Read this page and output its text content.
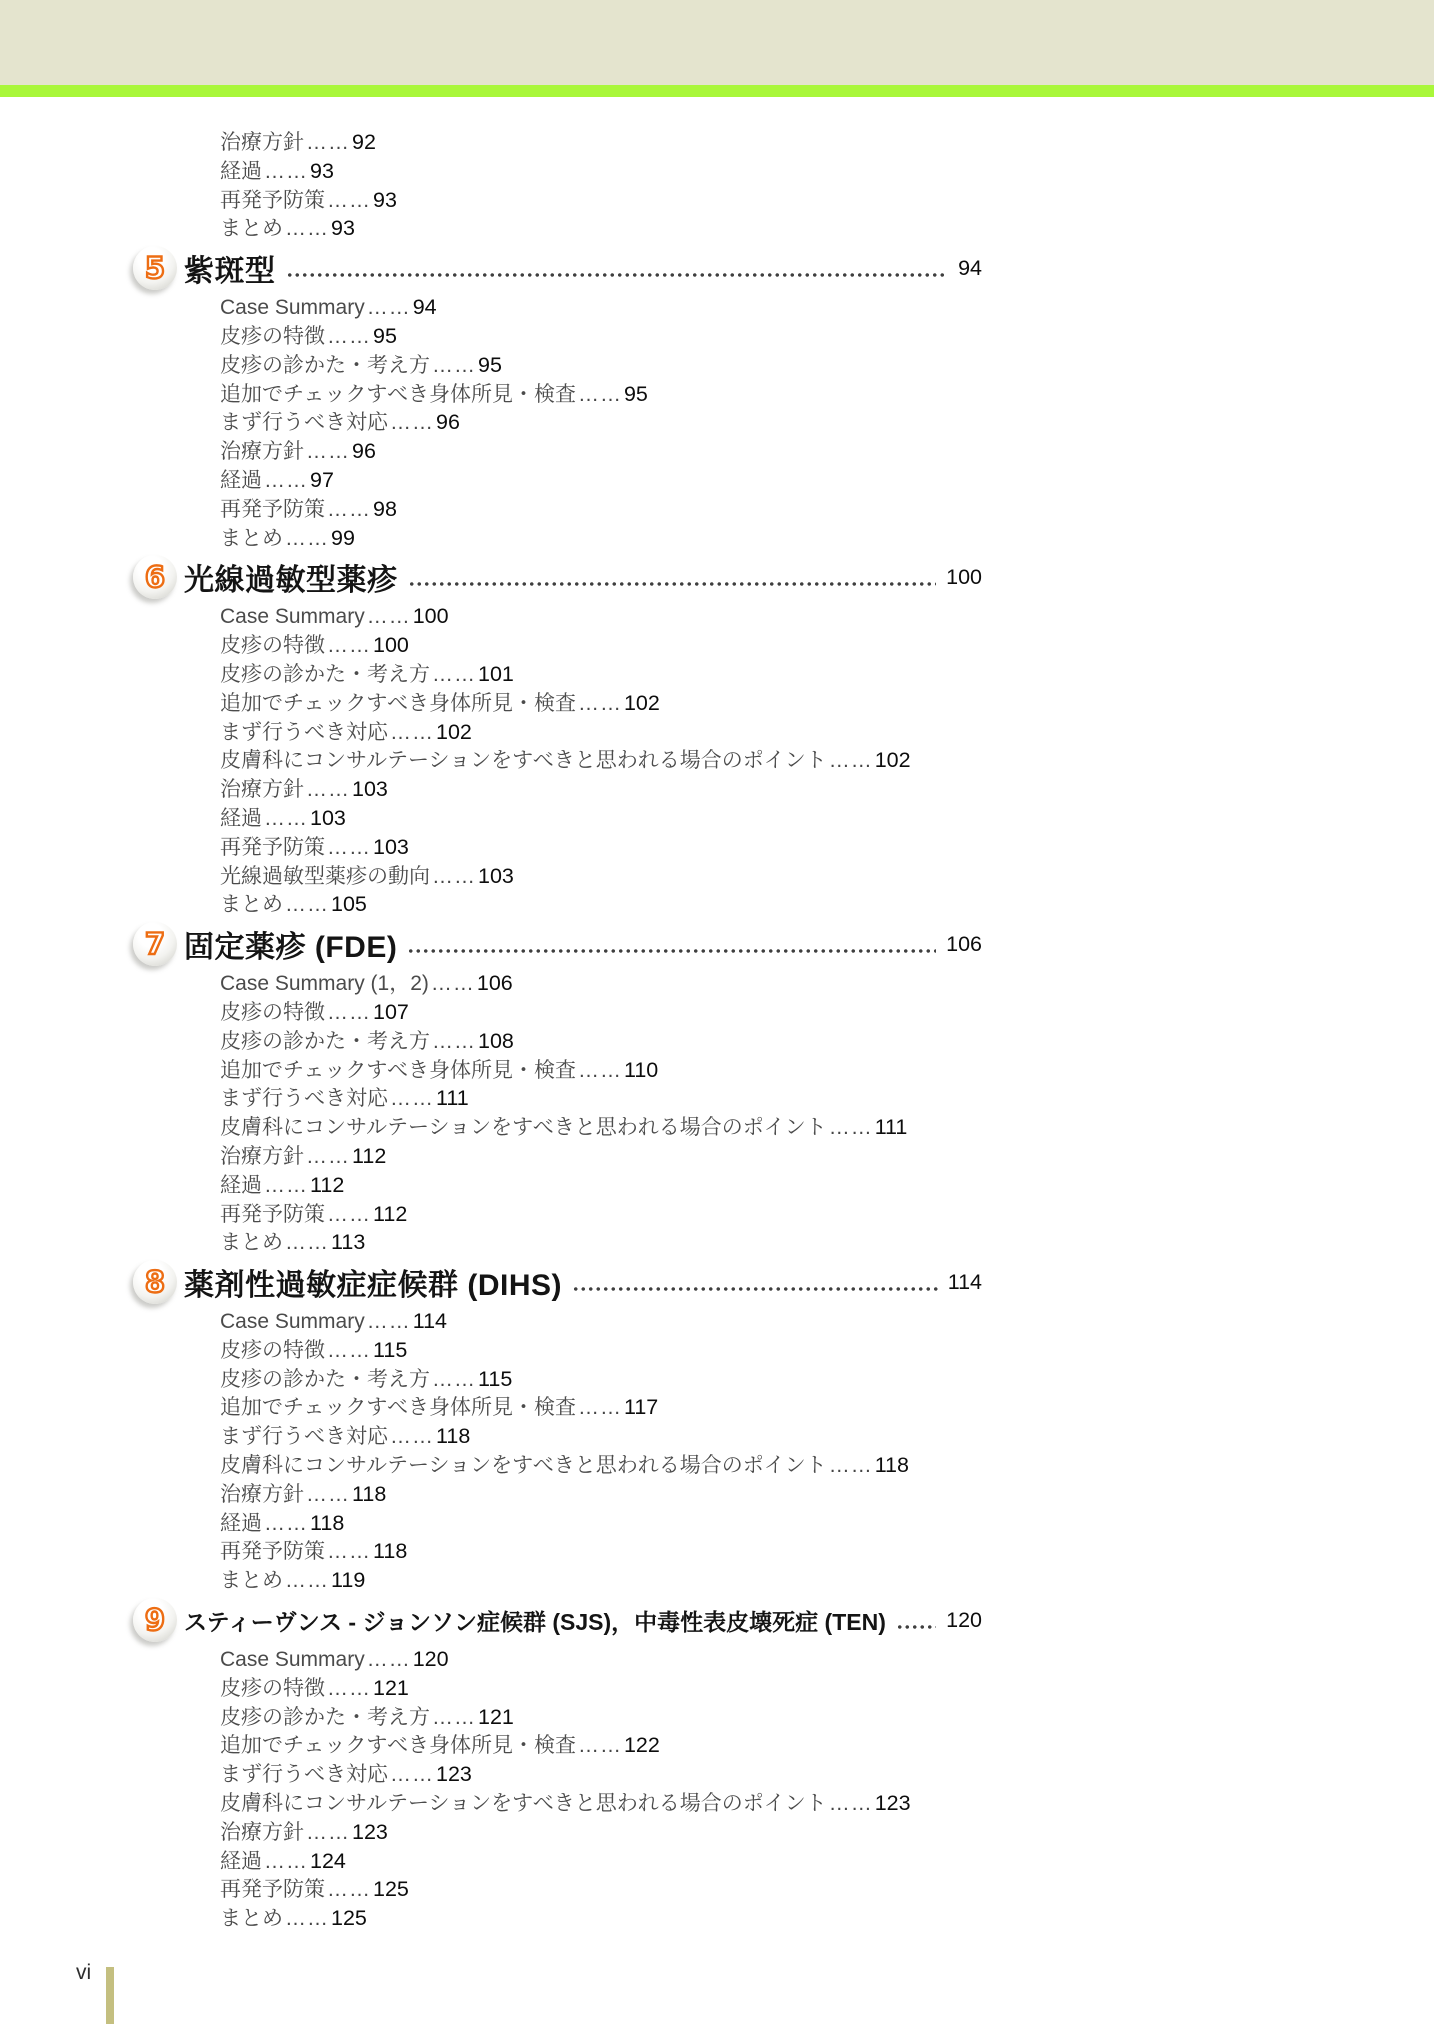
治療方針 …… 92
経過 …… 93
再発予防策 …… 93
まとめ …… 93
5 紫斑型	94
Case Summary …… 94
皮疹の特徴 …… 95
皮疹の診かた・考え方 …… 95
追加でチェックすべき身体所見・検査 …… 95
まず行うべき対応 …… 96
治療方針 …… 96
経過 …… 97
再発予防策 …… 98
まとめ …… 99
6 光線過敏型薬疹	100
Case Summary …… 100
皮疹の特徴 …… 100
皮疹の診かた・考え方 …… 101
追加でチェックすべき身体所見・検査 …… 102
まず行うべき対応 …… 102
皮膚科にコンサルテーションをすべきと思われる場合のポイント …… 102
治療方針 …… 103
経過 …… 103
再発予防策 …… 103
光線過敏型薬疹の動向 …… 103
まとめ …… 105
7 固定薬疹 (FDE)	106
Case Summary (1，2) …… 106
皮疹の特徴 …… 107
皮疹の診かた・考え方 …… 108
追加でチェックすべき身体所見・検査 …… 110
まず行うべき対応 …… 111
皮膚科にコンサルテーションをすべきと思われる場合のポイント …… 111
治療方針 …… 112
経過 …… 112
再発予防策 …… 112
まとめ …… 113
8 薬剤性過敏症症候群 (DIHS)	114
Case Summary …… 114
皮疹の特徴 …… 115
皮疹の診かた・考え方 …… 115
追加でチェックすべき身体所見・検査 …… 117
まず行うべき対応 …… 118
皮膚科にコンサルテーションをすべきと思われる場合のポイント …… 118
治療方針 …… 118
経過 …… 118
再発予防策 …… 118
まとめ …… 119
9 スティーヴンス - ジョンソン症候群 (SJS)，中毒性表皮壊死症 (TEN)	120
Case Summary …… 120
皮疹の特徴 …… 121
皮疹の診かた・考え方 …… 121
追加でチェックすべき身体所見・検査 …… 122
まず行うべき対応 …… 123
皮膚科にコンサルテーションをすべきと思われる場合のポイント …… 123
治療方針 …… 123
経過 …… 124
再発予防策 …… 125
まとめ …… 125
vi
